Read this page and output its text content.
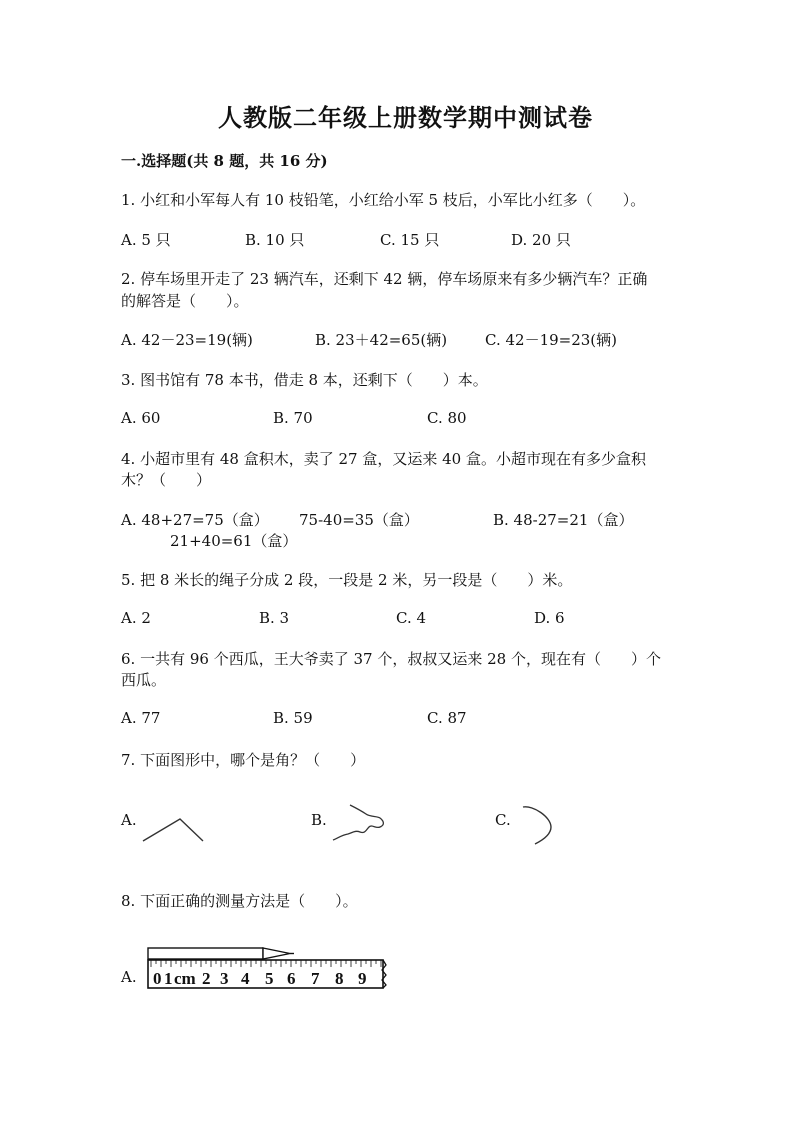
人教版二年级上册数学期中测试卷
一.选择题(共 8 题，共 16 分)
1. 小红和小军每人有 10 枝铅笔，小红给小军 5 枝后，小军比小红多（　　）。
A. 5 只	B. 10 只	C. 15 只	D. 20 只
2. 停车场里开走了 23 辆汽车，还剩下 42 辆，停车场原来有多少辆汽车？正确
的解答是（　　）。
A. 42－23=19(辆)	B. 23＋42=65(辆)	C. 42－19=23(辆)
3. 图书馆有 78 本书，借走 8 本，还剩下（　　）本。
A. 60	B. 70	C. 80
4. 小超市里有 48 盒积木，卖了 27 盒，又运来 40 盒。小超市现在有多少盒积
木？（　　）
A. 48+27=75（盒） 75-40=35（盒）	B. 48-27=21（盒）
21+40=61（盒）
5. 把 8 米长的绳子分成 2 段，一段是 2 米，另一段是（　　）米。
A. 2	B. 3	C. 4	D. 6
6. 一共有 96 个西瓜，王大爷卖了 37 个，叔叔又运来 28 个，现在有（　　）个
西瓜。
A. 77	B. 59	C. 87
7. 下面图形中，哪个是角？（　　）
A.	B.	C.
8. 下面正确的测量方法是（　　）。
A. 0 1 cm 2 3 4 5 6 7 8 9
